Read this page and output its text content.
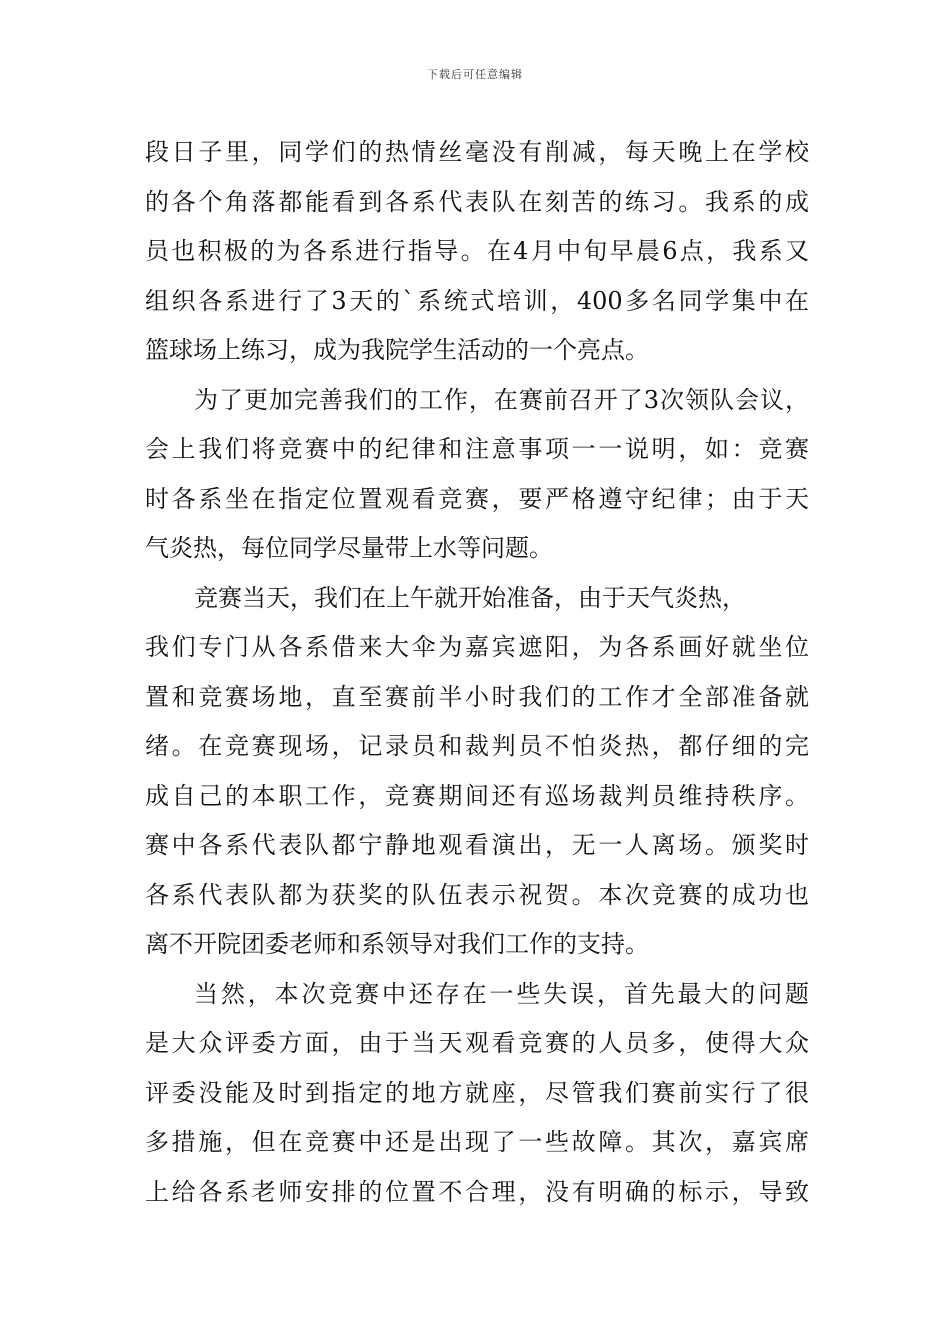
下载后可任意编辑
段日子里，同学们的热情丝毫没有削减，每天晚上在学校
的各个角落都能看到各系代表队在刻苦的练习。我系的成
员也积极的为各系进行指导。在4月中旬早晨6点，我系又
组织各系进行了3天的`系统式培训，400多名同学集中在
篮球场上练习，成为我院学生活动的一个亮点。
为了更加完善我们的工作，在赛前召开了3次领队会议，
会上我们将竞赛中的纪律和注意事项一一说明，如：竞赛
时各系坐在指定位置观看竞赛，要严格遵守纪律；由于天
气炎热，每位同学尽量带上水等问题。
竞赛当天，我们在上午就开始准备，由于天气炎热，
我们专门从各系借来大伞为嘉宾遮阳，为各系画好就坐位
置和竞赛场地，直至赛前半小时我们的工作才全部准备就
绪。在竞赛现场，记录员和裁判员不怕炎热，都仔细的完
成自己的本职工作，竞赛期间还有巡场裁判员维持秩序。
赛中各系代表队都宁静地观看演出，无一人离场。颁奖时
各系代表队都为获奖的队伍表示祝贺。本次竞赛的成功也
离不开院团委老师和系领导对我们工作的支持。
当然，本次竞赛中还存在一些失误，首先最大的问题
是大众评委方面，由于当天观看竞赛的人员多，使得大众
评委没能及时到指定的地方就座，尽管我们赛前实行了很
多措施，但在竞赛中还是出现了一些故障。其次，嘉宾席
上给各系老师安排的位置不合理，没有明确的标示，导致
